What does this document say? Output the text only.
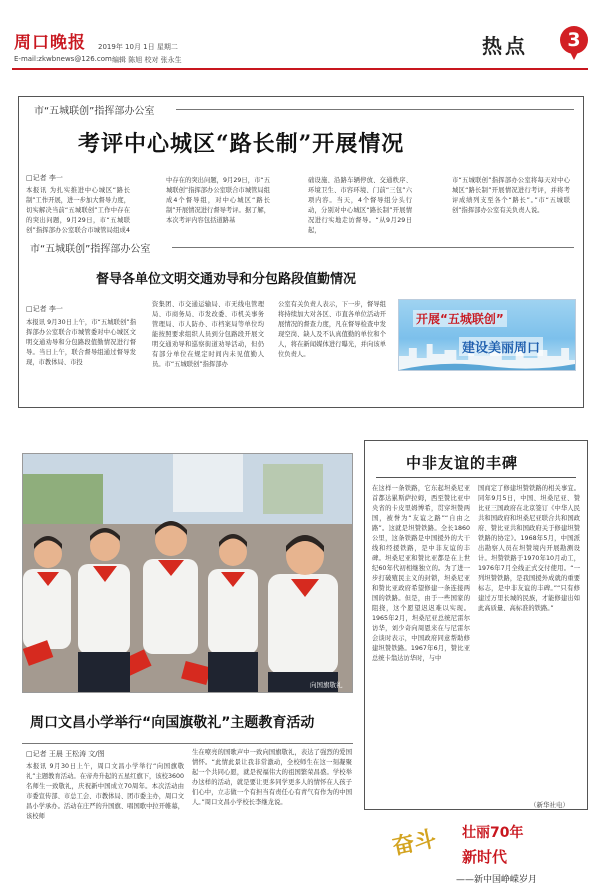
周口晚报 2019年 10月 1日 星期二
E-mail:zkwbnews@126.com 编辑 陈旭 校对 张永生
热点	3
市“五城联创”指挥部办公室
考评中心城区“路长制”开展情况
□记者 李一
本报讯 为扎实推进中心城区“路长制”工作开展，进一步加大督导力度，切实解决当前“五城联创”工作中存在的突出问题，9月29日，市“五城联创”指挥部办公室联合市城管局组成4
中存在的突出问题，9月29日，市“五城联创”指挥部办公室联合市城管局组成4个督导组，对中心城区“路长制”开展情况进行督导考评。据了解，本次考评内容包括道路基
础设施、沿路车辆停放、交通秩序、环境卫生、市容环境、门前“三包”六项内容。当天，4个督导组分头行动，分别对中心城区“路长制”开展情况进行实地走访督导。“从9月29日起，
市“五城联创”指挥部办公室将每天对中心城区“路长制”开展情况进行考评，并将考评成绩列支至各个“路长”。”市“五城联创”指挥部办公室有关负责人说。
市“五城联创”指挥部办公室
督导各单位文明交通劝导和分包路段值勤情况
□记者 李一
本报讯 9月30日上午，市“五城联创”指挥部办公室联合市城管委对中心城区文明交通劝导和分包路段值勤情况进行督导。当日上午，联合督导组通过督导发现，市教体局、市投
资集团、市交通运输局、市无线电管理局、市商务局、市发改委、市机关事务管理局、市人防办、市档案局等单位均能按照要求组织人员到分包路段开展文明交通劝导和巡察街道劝导活动，但仍有部分单位在规定时间内未见值勤人员。市“五城联创”指挥部办
公室有关负责人表示，下一步，督导组将持续加大对各区、市直各单位活动开展情况的督查力度，凡在督导检查中发现空岗、缺人及不认真值勤的单位和个人，将在新闻媒体进行曝光，并向该单位负责人。
开展“五城联创”
建设美丽周口
向国旗敬礼
周口文昌小学举行“向国旗敬礼”主题教育活动
□记者 王晨 王松涛 文/图
本报讯 9月30日上午，周口文昌小学举行“向国旗敬礼”主题教育活动。在帝舟升起的五星红旗下，该校3600名师生一致敬礼，庆祝新中国成立70周年。本次活动由市委宣传部、市总工会、市教体局、团市委主办，周口文昌小学承办。活动在庄严的升国旗、唱国歌中拉开帷幕，该校师
生在嘹亮的国歌声中一致向国旗敬礼，表达了强烈的爱国情怀。“此情此景让我非常激动，全校师生在这一刻凝聚起一个共同心愿，就是祝福伟大的祖国繁荣昌盛。学校举办这样的活动，就是要让更多同学更多人的情怀在人孩子们心中，立志做一个有担当有责任心有青气有作为的中国人。”周口文昌小学校长李继龙说。
中非友谊的丰碑
在这样一条铁路，它东起坦桑尼亚首都达累斯萨拉姆，西至赞比亚中央省的卡皮里姆博希，贯穿坦赞两国，被誉为“友谊之路”“自由之路”。这就是坦赞铁路。全长1860公里，这条铁路是中国援外的大干线和经援铁路，是中非友谊的丰碑。坦桑尼亚和赞比亚都是在上世纪60年代初相继独立的。为了进一步打破殖民主义的封锁，坦桑尼亚和赞比亚政府希望修建一条连接两国的铁路。但是，由于一些国家的阻挠，这个愿望迟迟难以实现。1965年2月，坦桑尼亚总统尼雷尔访华，刘少奇向周恩来在与尼雷尔会谈时表示，中国政府同意帮助修建坦赞铁路。1967年6月，赞比亚总统卡翁达访华时，与中
国商定了修建坦赞铁路的相关事宜。同年9月5日，中国、坦桑尼亚、赞比亚三国政府在北京签订《中华人民共和国政府和坦桑尼亚联合共和国政府、赞比亚共和国政府关于修建坦赞铁路的协定》。1968年5月，中国派出勘察人员在坦赞境内开展勘测设计。坦赞铁路于1970年10月动工，1976年7月全线正式交付使用。“一列坦赞铁路，是我国援外成就的重要标志，是中非友谊的丰碑。”“只有修建过万里长城的民族，才能修建出如此高质量、高标准的铁路。”
（新华社电）
奋斗 壮丽70年
新时代
——新中国峥嵘岁月
